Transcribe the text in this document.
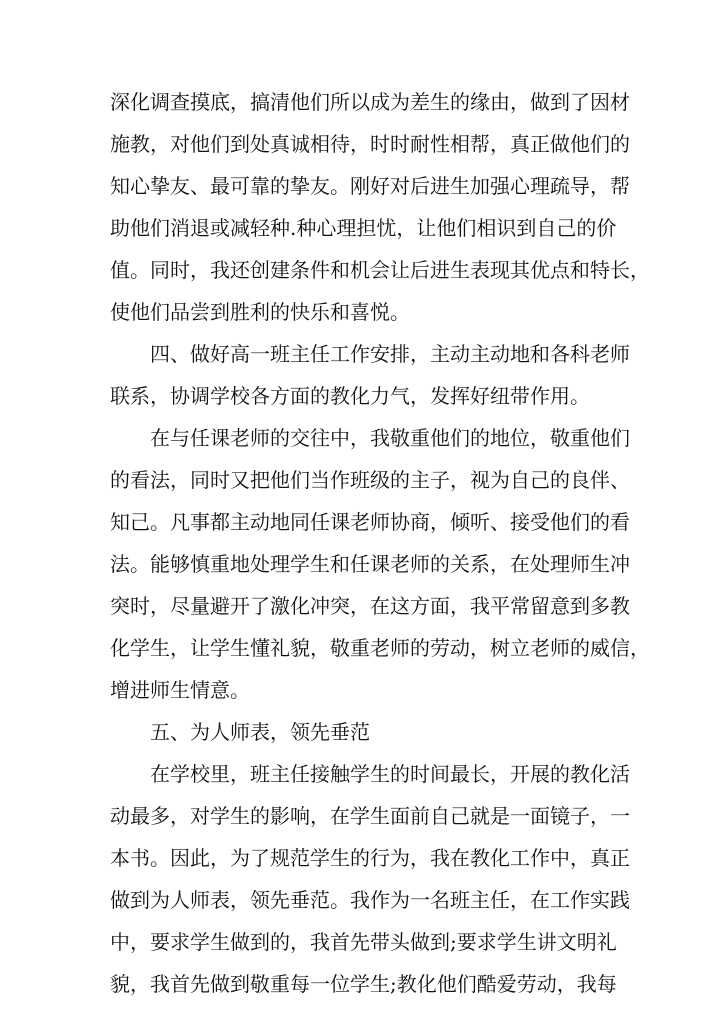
深化调查摸底，搞清他们所以成为差生的缘由，做到了因材
施教，对他们到处真诚相待，时时耐性相帮，真正做他们的
知心挚友、最可靠的挚友。刚好对后进生加强心理疏导，帮
助他们消退或减轻种.种心理担忧，让他们相识到自己的价
值。同时，我还创建条件和机会让后进生表现其优点和特长，
使他们品尝到胜利的快乐和喜悦。
四、做好高一班主任工作安排，主动主动地和各科老师
联系，协调学校各方面的教化力气，发挥好纽带作用。
在与任课老师的交往中，我敬重他们的地位，敬重他们
的看法，同时又把他们当作班级的主子，视为自己的良伴、
知己。凡事都主动地同任课老师协商，倾听、接受他们的看
法。能够慎重地处理学生和任课老师的关系，在处理师生冲
突时，尽量避开了激化冲突，在这方面，我平常留意到多教
化学生，让学生懂礼貌，敬重老师的劳动，树立老师的威信，
增进师生情意。
五、为人师表，领先垂范
在学校里，班主任接触学生的时间最长，开展的教化活
动最多，对学生的影响，在学生面前自己就是一面镜子，一
本书。因此，为了规范学生的行为，我在教化工作中，真正
做到为人师表，领先垂范。我作为一名班主任，在工作实践
中，要求学生做到的，我首先带头做到;要求学生讲文明礼
貌，我首先做到敬重每一位学生;教化他们酷爱劳动，我每
